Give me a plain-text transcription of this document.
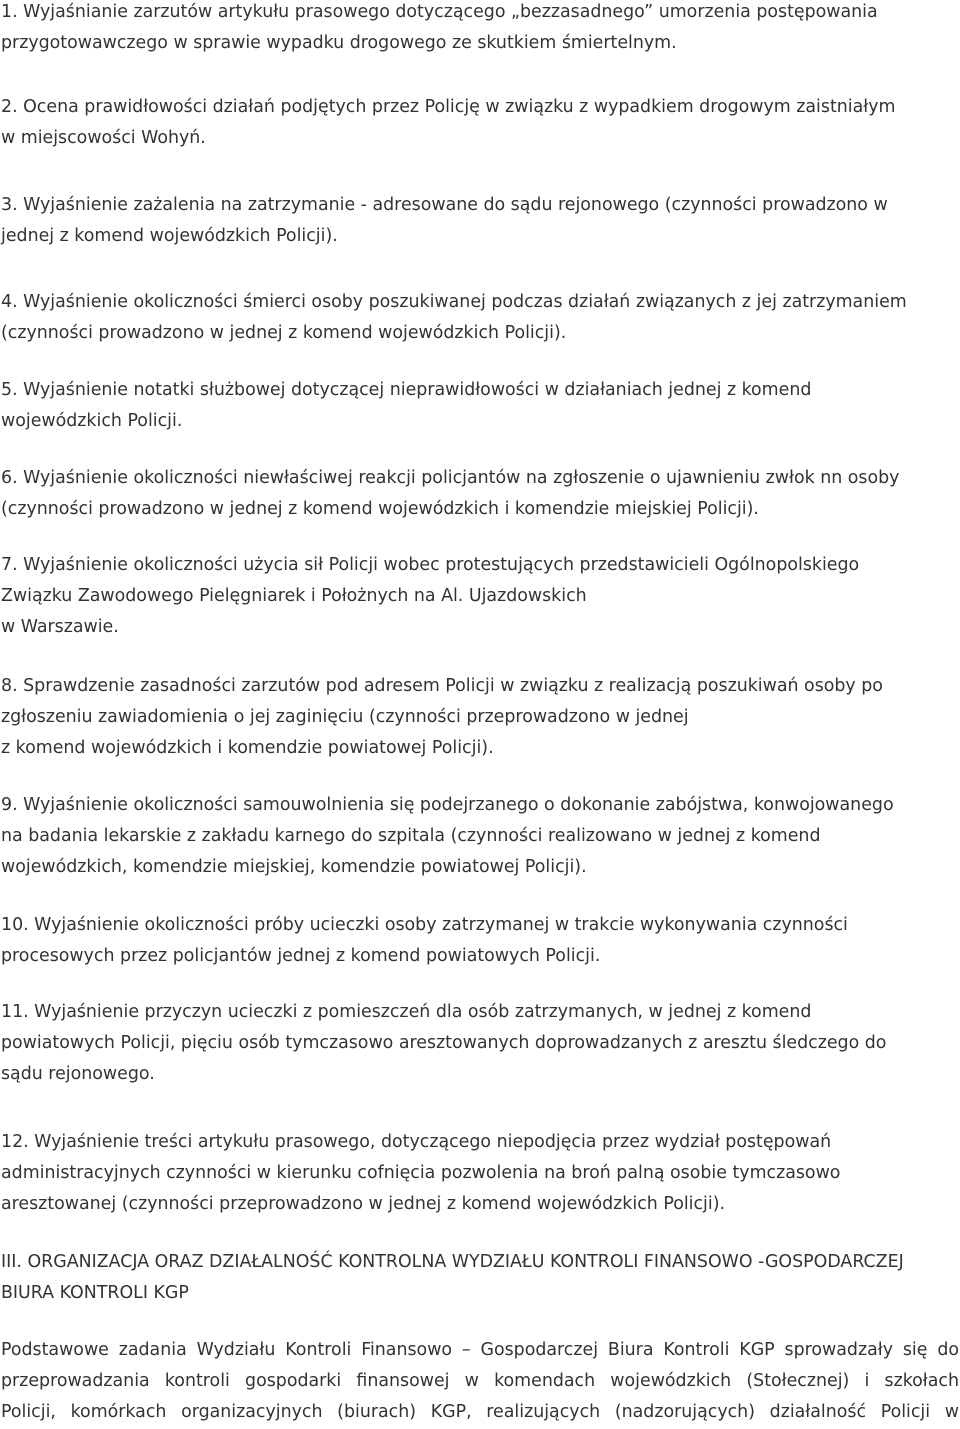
1. Wyjaśnianie zarzutów artykułu prasowego dotyczącego „bezzasadnego” umorzenia postępowania
przygotowawczego w sprawie wypadku drogowego ze skutkiem śmiertelnym.

2. Ocena prawidłowości działań podjętych przez Policję w związku z wypadkiem drogowym zaistniałym
w miejscowości Wohyń.

3. Wyjaśnienie zażalenia na zatrzymanie - adresowane do sądu rejonowego (czynności prowadzono w
jednej z komend wojewódzkich Policji).

4. Wyjaśnienie okoliczności śmierci osoby poszukiwanej podczas działań związanych z jej zatrzymaniem
(czynności prowadzono w jednej z komend wojewódzkich Policji).

5. Wyjaśnienie notatki służbowej dotyczącej nieprawidłowości w działaniach jednej z komend
wojewódzkich Policji.

6. Wyjaśnienie okoliczności niewłaściwej reakcji policjantów na zgłoszenie o ujawnieniu zwłok nn osoby
(czynności prowadzono w jednej z komend wojewódzkich i komendzie miejskiej Policji).

7. Wyjaśnienie okoliczności użycia sił Policji wobec protestujących przedstawicieli Ogólnopolskiego
Związku Zawodowego Pielęgniarek i Położnych na Al. Ujazdowskich
w Warszawie.

8. Sprawdzenie zasadności zarzutów pod adresem Policji w związku z realizacją poszukiwań osoby po
zgłoszeniu zawiadomienia o jej zaginięciu (czynności przeprowadzono w jednej
z komend wojewódzkich i komendzie powiatowej Policji).

9. Wyjaśnienie okoliczności samouwolnienia się podejrzanego o dokonanie zabójstwa, konwojowanego
na badania lekarskie z zakładu karnego do szpitala (czynności realizowano w jednej z komend
wojewódzkich, komendzie miejskiej, komendzie powiatowej Policji).

10. Wyjaśnienie okoliczności próby ucieczki osoby zatrzymanej w trakcie wykonywania czynności
procesowych przez policjantów jednej z komend powiatowych Policji.

11. Wyjaśnienie przyczyn ucieczki z pomieszczeń dla osób zatrzymanych, w jednej z komend
powiatowych Policji, pięciu osób tymczasowo aresztowanych doprowadzanych z aresztu śledczego do
sądu rejonowego.

12. Wyjaśnienie treści artykułu prasowego, dotyczącego niepodjęcia przez wydział postępowań
administracyjnych czynności w kierunku cofnięcia pozwolenia na broń palną osobie tymczasowo
aresztowanej (czynności przeprowadzono w jednej z komend wojewódzkich Policji).

III. ORGANIZACJA ORAZ DZIAŁALNOŚĆ KONTROLNA WYDZIAŁU KONTROLI FINANSOWO -GOSPODARCZEJ
BIURA KONTROLI KGP

Podstawowe zadania Wydziału Kontroli Finansowo – Gospodarczej Biura Kontroli KGP sprowadzały się do
przeprowadzania kontroli gospodarki finansowej w komendach wojewódzkich (Stołecznej) i szkołach
Policji, komórkach organizacyjnych (biurach) KGP, realizujących (nadzorujących) działalność Policji w
